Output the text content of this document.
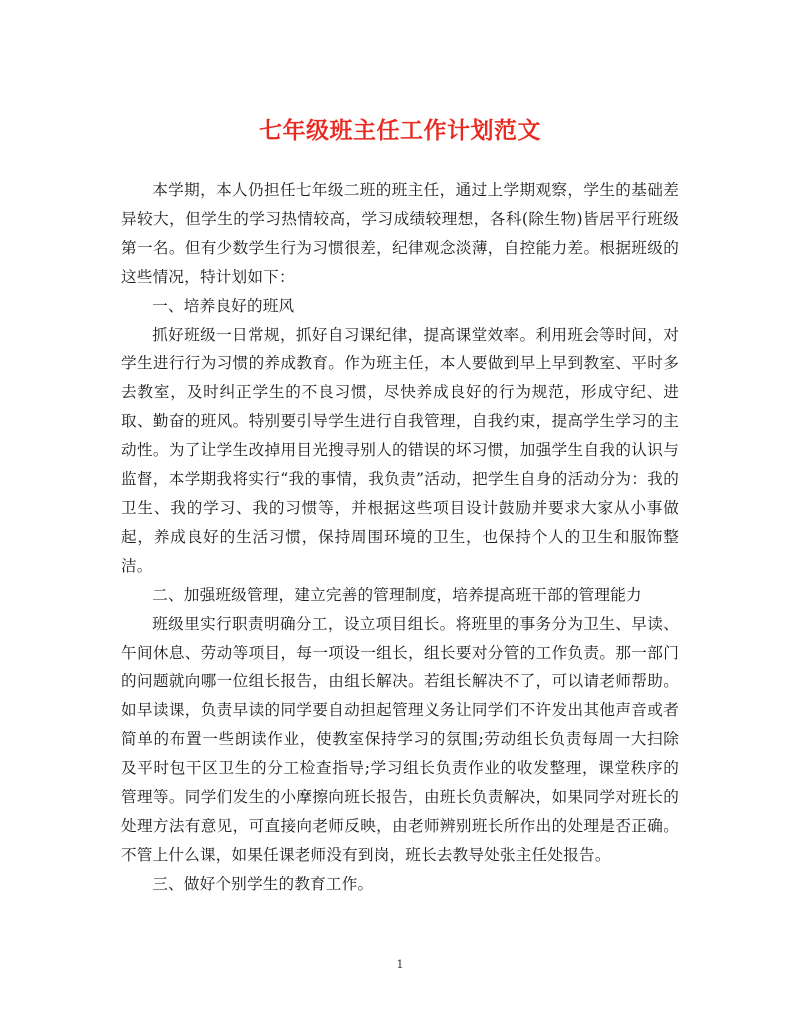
七年级班主任工作计划范文

本学期，本人仍担任七年级二班的班主任，通过上学期观察，学生的基础差异较大，但学生的学习热情较高，学习成绩较理想，各科(除生物)皆居平行班级第一名。但有少数学生行为习惯很差，纪律观念淡薄，自控能力差。根据班级的这些情况，特计划如下：

一、培养良好的班风

抓好班级一日常规，抓好自习课纪律，提高课堂效率。利用班会等时间，对学生进行行为习惯的养成教育。作为班主任，本人要做到早上早到教室、平时多去教室，及时纠正学生的不良习惯，尽快养成良好的行为规范，形成守纪、进取、勤奋的班风。特别要引导学生进行自我管理，自我约束，提高学生学习的主动性。为了让学生改掉用目光搜寻别人的错误的坏习惯，加强学生自我的认识与监督，本学期我将实行“我的事情，我负责”活动，把学生自身的活动分为：我的卫生、我的学习、我的习惯等，并根据这些项目设计鼓励并要求大家从小事做起，养成良好的生活习惯，保持周围环境的卫生，也保持个人的卫生和服饰整洁。

二、加强班级管理，建立完善的管理制度，培养提高班干部的管理能力

班级里实行职责明确分工，设立项目组长。将班里的事务分为卫生、早读、午间休息、劳动等项目，每一项设一组长，组长要对分管的工作负责。那一部门的问题就向哪一位组长报告，由组长解决。若组长解决不了，可以请老师帮助。如早读课，负责早读的同学要自动担起管理义务让同学们不许发出其他声音或者简单的布置一些朗读作业，使教室保持学习的氛围;劳动组长负责每周一大扫除及平时包干区卫生的分工检查指导;学习组长负责作业的收发整理，课堂秩序的管理等。同学们发生的小摩擦向班长报告，由班长负责解决，如果同学对班长的处理方法有意见，可直接向老师反映，由老师辨别班长所作出的处理是否正确。不管上什么课，如果任课老师没有到岗，班长去教导处张主任处报告。

三、做好个别学生的教育工作。

1
